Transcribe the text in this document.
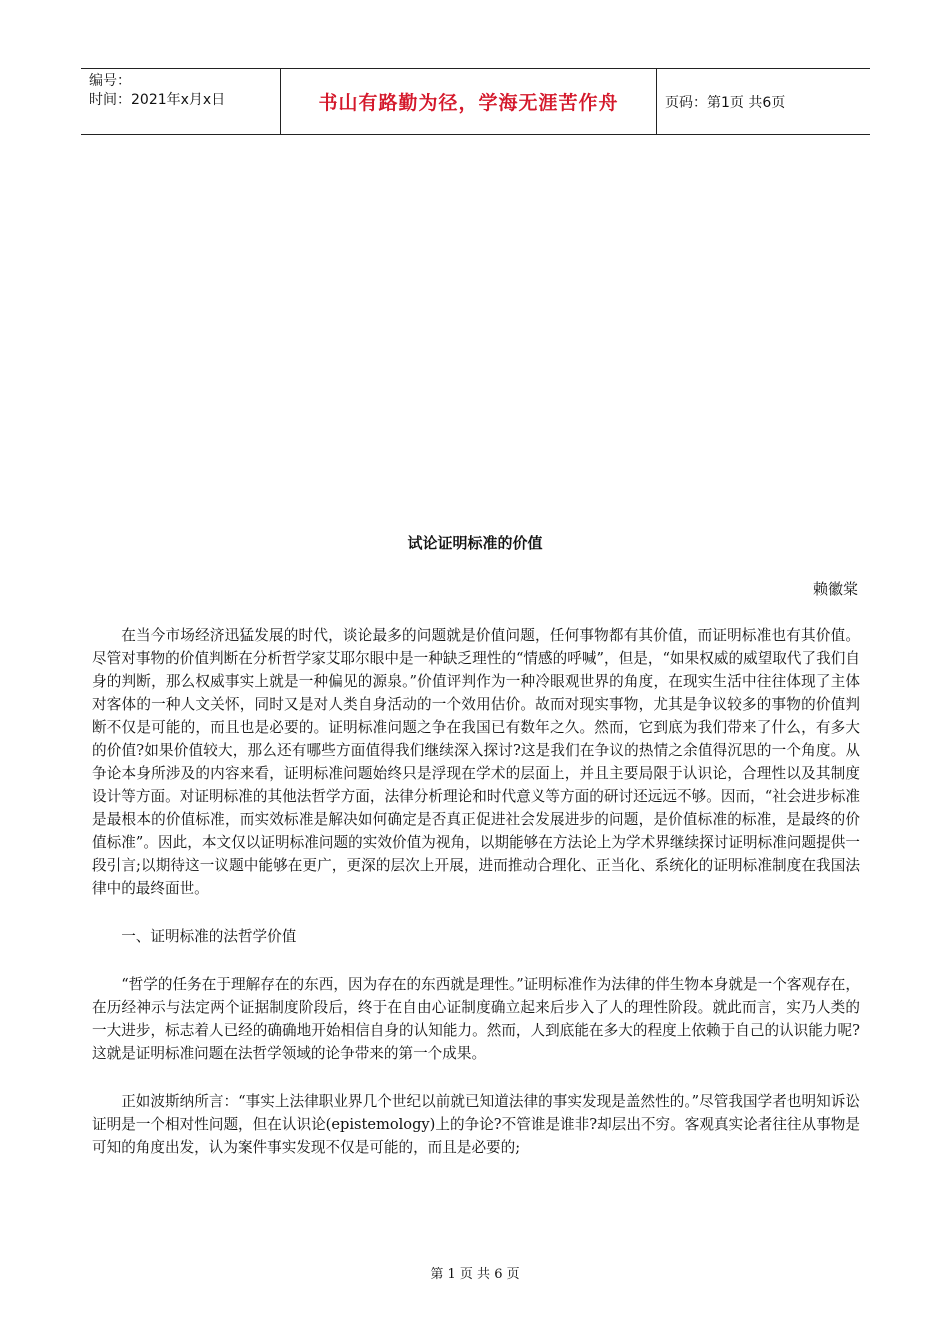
编号：
时间：2021年x月x日	书山有路勤为径，学海无涯苦作舟	页码：第1页 共6页
试论证明标准的价值
赖徽棠

在当今市场经济迅猛发展的时代，谈论最多的问题就是价值问题，任何事物都有其价值，而证明标准也有其价值。尽管对事物的价值判断在分析哲学家艾耶尔眼中是一种缺乏理性的“情感的呼喊”，但是，“如果权威的威望取代了我们自身的判断，那么权威事实上就是一种偏见的源泉。”价值评判作为一种冷眼观世界的角度，在现实生活中往往体现了主体对客体的一种人文关怀，同时又是对人类自身活动的一个效用估价。故而对现实事物，尤其是争议较多的事物的价值判断不仅是可能的，而且也是必要的。证明标准问题之争在我国已有数年之久。然而，它到底为我们带来了什么，有多大的价值?如果价值较大，那么还有哪些方面值得我们继续深入探讨?这是我们在争议的热情之余值得沉思的一个角度。从争论本身所涉及的内容来看，证明标准问题始终只是浮现在学术的层面上，并且主要局限于认识论，合理性以及其制度设计等方面。对证明标准的其他法哲学方面，法律分析理论和时代意义等方面的研讨还远远不够。因而，“社会进步标准是最根本的价值标准，而实效标准是解决如何确定是否真正促进社会发展进步的问题，是价值标准的标准，是最终的价值标准”。因此，本文仅以证明标准问题的实效价值为视角，以期能够在方法论上为学术界继续探讨证明标准问题提供一段引言;以期待这一议题中能够在更广，更深的层次上开展，进而推动合理化、正当化、系统化的证明标准制度在我国法律中的最终面世。

一、证明标准的法哲学价值

“哲学的任务在于理解存在的东西，因为存在的东西就是理性。”证明标准作为法律的伴生物本身就是一个客观存在，在历经神示与法定两个证据制度阶段后，终于在自由心证制度确立起来后步入了人的理性阶段。就此而言，实乃人类的一大进步，标志着人已经的确确地开始相信自身的认知能力。然而，人到底能在多大的程度上依赖于自己的认识能力呢?这就是证明标准问题在法哲学领域的论争带来的第一个成果。

正如波斯纳所言：“事实上法律职业界几个世纪以前就已知道法律的事实发现是盖然性的。”尽管我国学者也明知诉讼证明是一个相对性问题，但在认识论(epistemology)上的争论?不管谁是谁非?却层出不穷。客观真实论者往往从事物是可知的角度出发，认为案件事实发现不仅是可能的，而且是必要的;

第 1 页 共 6 页
